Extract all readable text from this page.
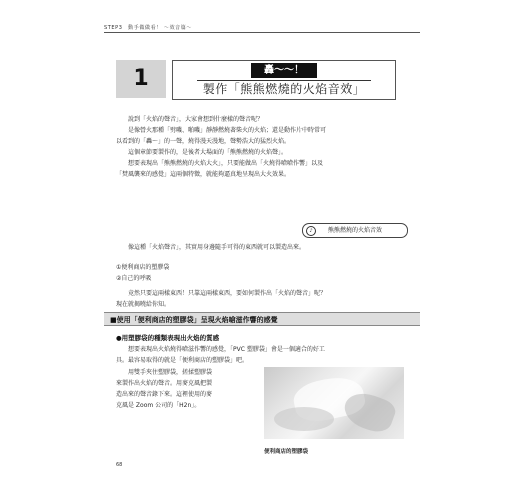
STEP3　動手做做看！ ～效音篇～
1	轟～～！
製作「熊熊燃燒的火焰音效」

說到「火焰的聲音」，大家會想到什麼樣的聲音呢？

是像營火那種「劈嘰、啪嘰」靜靜燃燒著柴火的火焰；還是動作片中時常可

以看到的「轟～」的一聲，燒得漫天漫地，聲勢浩大的猛烈火焰。

這個章節要製作的，是後者大場面的「熊熊燃燒的火焰聲」。

想要表現出「熊熊燃燒的火焰大火」，只要能做出「火燒得嗆嗆作響」以及

「焚風襲來的感覺」這兩個特徵，就能夠逼真地呈現出大火效果。

♪	熊熊燃燒的火焰音效

像這種「火焰聲音」，其實用身邊隨手可得的東西就可以製造出來。

①便利商店的塑膠袋

②自己的呼吸

竟然只要這兩樣東西！只靠這兩樣東西，要如何製作出「火焰的聲音」呢？

現在就揭曉給你知。

■使用「便利商店的塑膠袋」呈現火焰嗆滋作響的感覺
●用塑膠袋的種類表現出火焰的質感

想要表現出火焰燒得嗆滋作響的感覺，「PVC 塑膠袋」會是一個適合的好工

具。最容易取得的就是「便利商店的塑膠袋」吧。

用雙手夾住塑膠袋，搓揉塑膠袋

來製作出火焰的聲音。用麥克風把製

造出來的聲音錄下來。這裡使用的麥

克風是 Zoom 公司的「H2n」。

便利商店的塑膠袋
68
